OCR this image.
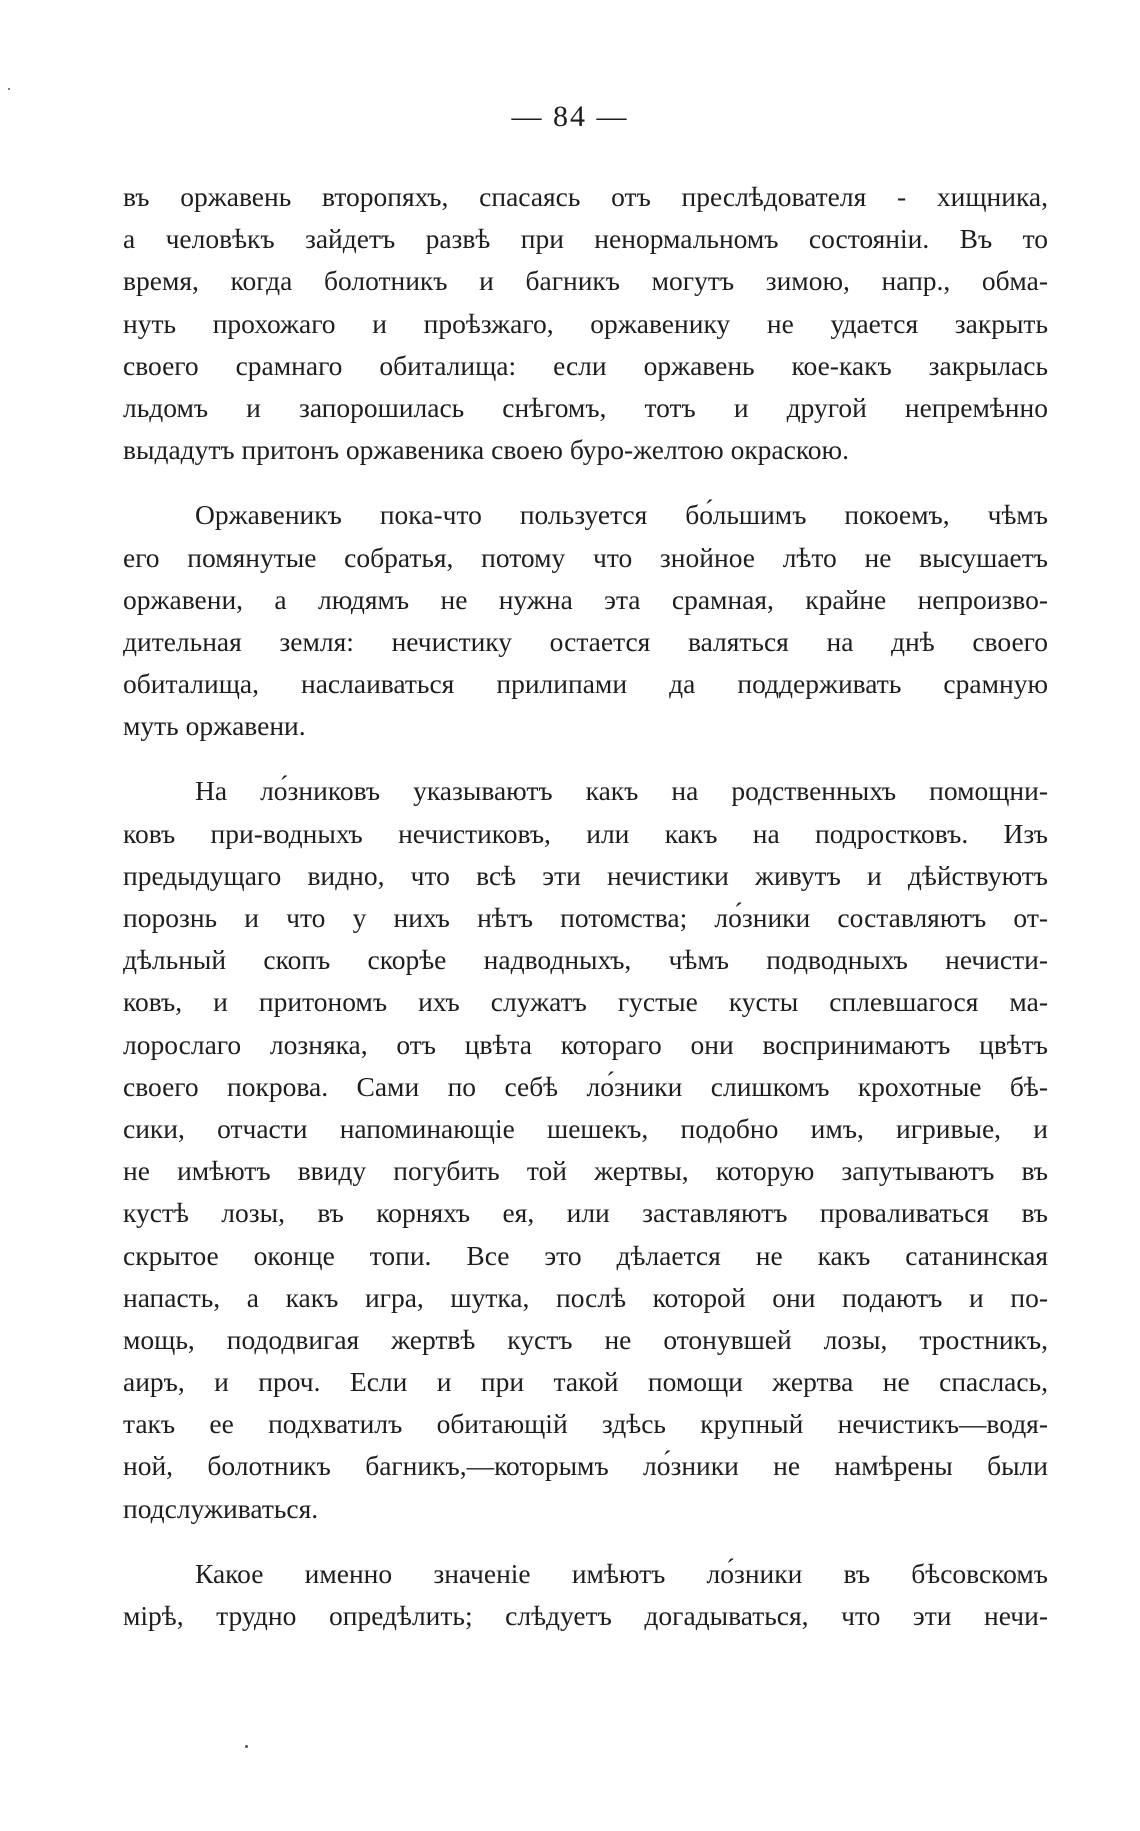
— 84 —
въ оржавень второпяхъ, спасаясь отъ преслѣдователя - хищника,
а человѣкъ зайдетъ развѣ при ненормальномъ состояніи. Въ то
время, когда болотникъ и багникъ могутъ зимою, напр., обма-
нуть прохожаго и проѣзжаго, оржавенику не удается закрыть
своего срамнаго обиталища: если оржавень кое-какъ закрылась
льдомъ и запорошилась снѣгомъ, тотъ и другой непремѣнно
выдадутъ притонъ оржавеника своею буро-желтою окраскою.
Оржавеникъ пока-что пользуется бо́льшимъ покоемъ, чѣмъ
его помянутые собратья, потому что знойное лѣто не высушаетъ
оржавени, а людямъ не нужна эта срамная, крайне непроизво-
дительная земля: нечистику остается валяться на днѣ своего
обиталища, наслаиваться прилипами да поддерживать срамную
муть оржавени.
На ло́зниковъ указываютъ какъ на родственныхъ помощни-
ковъ при-водныхъ нечистиковъ, или какъ на подростковъ. Изъ
предыдущаго видно, что всѣ эти нечистики живутъ и дѣйствуютъ
порознь и что у нихъ нѣтъ потомства; ло́зники составляютъ от-
дѣльный скопъ скорѣе надводныхъ, чѣмъ подводныхъ нечисти-
ковъ, и притономъ ихъ служатъ густые кусты сплевшагося ма-
лорослаго лозняка, отъ цвѣта котораго они воспринимаютъ цвѣтъ
своего покрова. Сами по себѣ ло́зники слишкомъ крохотные бѣ-
сики, отчасти напоминающіе шешекъ, подобно имъ, игривые, и
не имѣютъ ввиду погубить той жертвы, которую запутываютъ въ
кустѣ лозы, въ корняхъ ея, или заставляютъ проваливаться въ
скрытое оконце топи. Все это дѣлается не какъ сатанинская
напасть, а какъ игра, шутка, послѣ которой они подаютъ и по-
мощь, пододвигая жертвѣ кустъ не отонувшей лозы, тростникъ,
аиръ, и проч. Если и при такой помощи жертва не спаслась,
такъ ее подхватилъ обитающій здѣсь крупный нечистикъ—водя-
ной, болотникъ багникъ,—которымъ ло́зники не намѣрены были
подслуживаться.
Какое именно значеніе имѣютъ ло́зники въ бѣсовскомъ
мірѣ, трудно опредѣлить; слѣдуетъ догадываться, что эти нечи-
